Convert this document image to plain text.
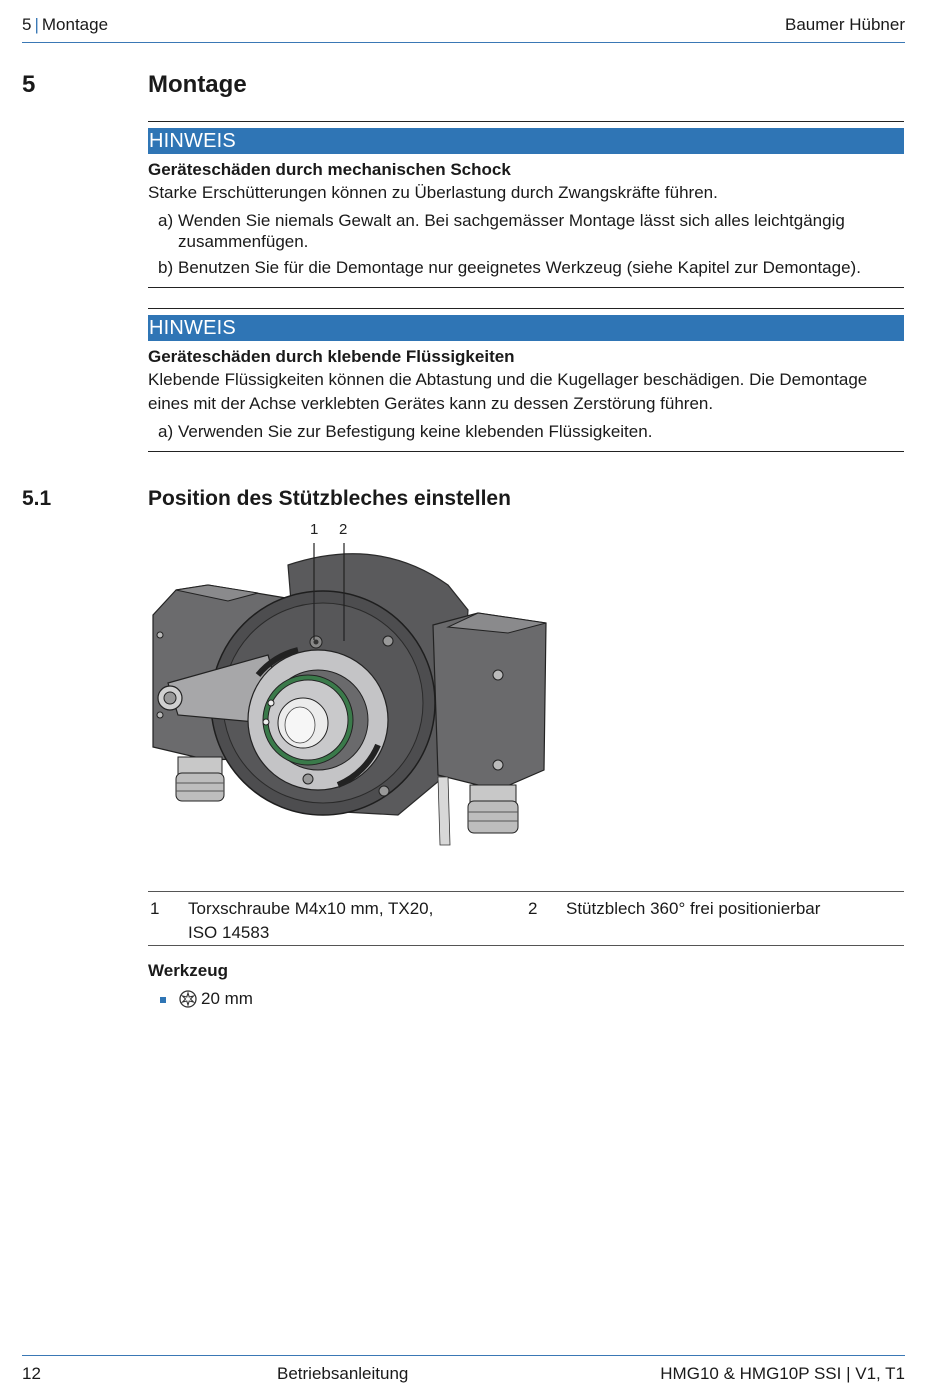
5 | Montage	Baumer Hübner
5	Montage
HINWEIS
Geräteschäden durch mechanischen Schock

Starke Erschütterungen können zu Überlastung durch Zwangskräfte führen.

a) Wenden Sie niemals Gewalt an. Bei sachgemässer Montage lässt sich alles leichtgängig zusammenfügen.
b) Benutzen Sie für die Demontage nur geeignetes Werkzeug (siehe Kapitel zur Demontage).
HINWEIS
Geräteschäden durch klebende Flüssigkeiten

Klebende Flüssigkeiten können die Abtastung und die Kugellager beschädigen. Die Demontage eines mit der Achse verklebten Gerätes kann zu dessen Zerstörung führen.

a) Verwenden Sie zur Befestigung keine klebenden Flüssigkeiten.
5.1	Position des Stützbleches einstellen
1 2
1 Torxschraube M4x10 mm, TX20,
ISO 14583
2 Stützblech 360° frei positionierbar
Werkzeug
20 mm
12	Betriebsanleitung	HMG10 & HMG10P SSI | V1, T1
